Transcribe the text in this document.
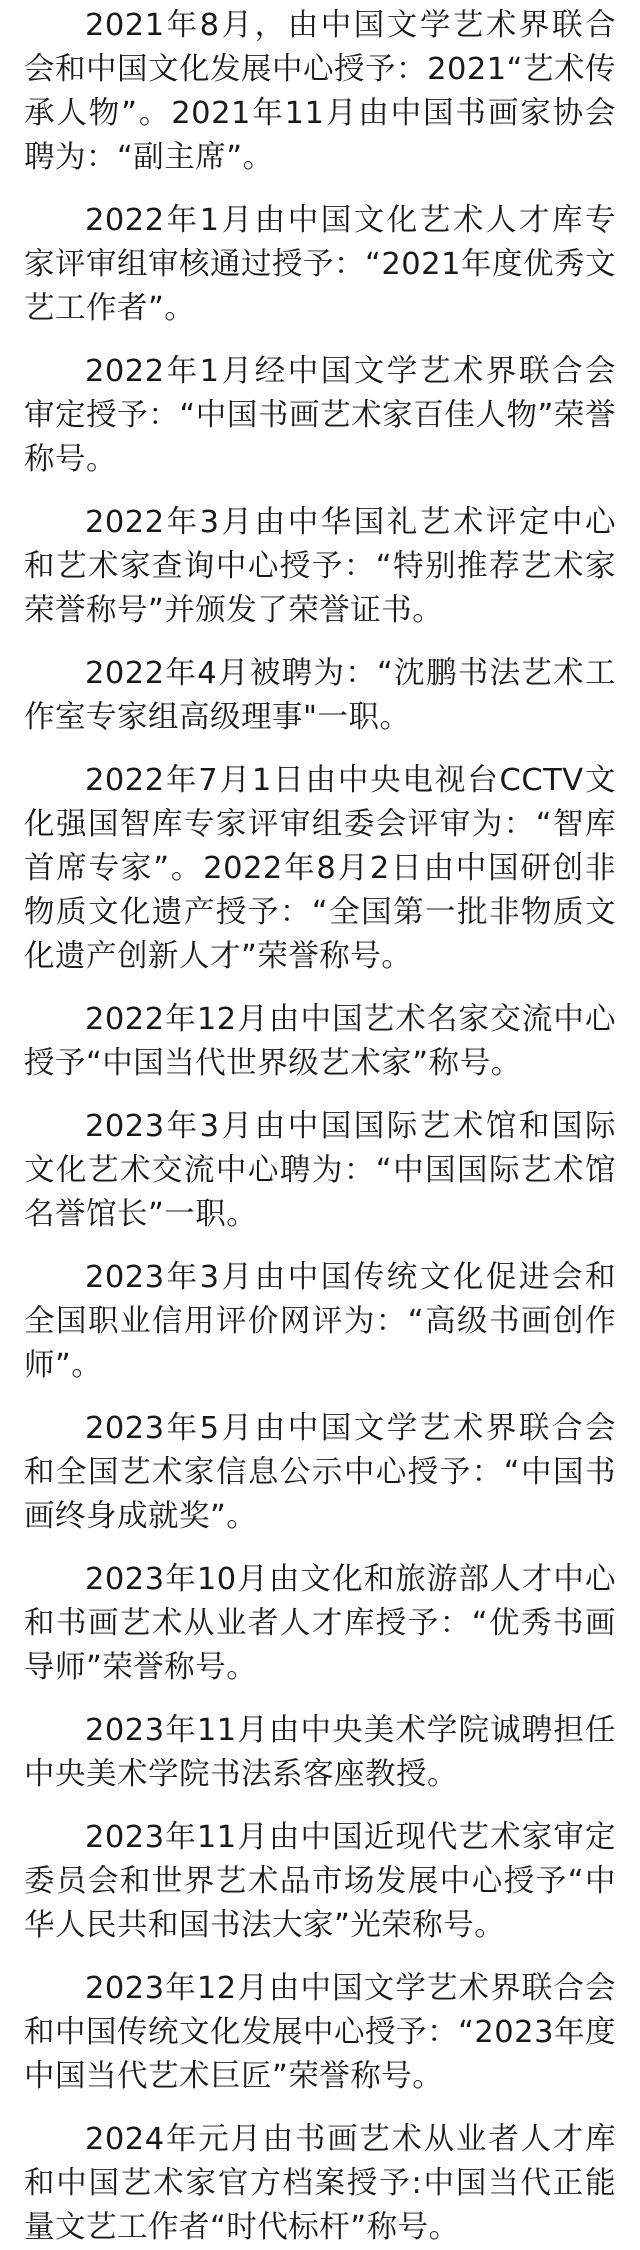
2021年8月，由中国文学艺术界联合会和中国文化发展中心授予：2021“艺术传承人物”。2021年11月由中国书画家协会聘为：“副主席”。

2022年1月由中国文化艺术人才库专家评审组审核通过授予：“2021年度优秀文艺工作者”。

2022年1月经中国文学艺术界联合会审定授予：“中国书画艺术家百佳人物”荣誉称号。

2022年3月由中华国礼艺术评定中心和艺术家查询中心授予：“特别推荐艺术家荣誉称号”并颁发了荣誉证书。

2022年4月被聘为：“沈鹏书法艺术工作室专家组高级理事"一职。

2022年7月1日由中央电视台CCTV文化强国智库专家评审组委会评审为：“智库首席专家”。2022年8月2日由中国研创非物质文化遗产授予：“全国第一批非物质文化遗产创新人才”荣誉称号。

2022年12月由中国艺术名家交流中心授予“中国当代世界级艺术家”称号。

2023年3月由中国国际艺术馆和国际文化艺术交流中心聘为：“中国国际艺术馆名誉馆长”一职。

2023年3月由中国传统文化促进会和全国职业信用评价网评为：“高级书画创作师”。

2023年5月由中国文学艺术界联合会和全国艺术家信息公示中心授予：“中国书画终身成就奖”。

2023年10月由文化和旅游部人才中心和书画艺术从业者人才库授予：“优秀书画导师”荣誉称号。

2023年11月由中央美术学院诚聘担任中央美术学院书法系客座教授。

2023年11月由中国近现代艺术家审定委员会和世界艺术品市场发展中心授予“中华人民共和国书法大家”光荣称号。

2023年12月由中国文学艺术界联合会和中国传统文化发展中心授予：“2023年度中国当代艺术巨匠”荣誉称号。

2024年元月由书画艺术从业者人才库和中国艺术家官方档案授予:中国当代正能量文艺工作者“时代标杆”称号。
